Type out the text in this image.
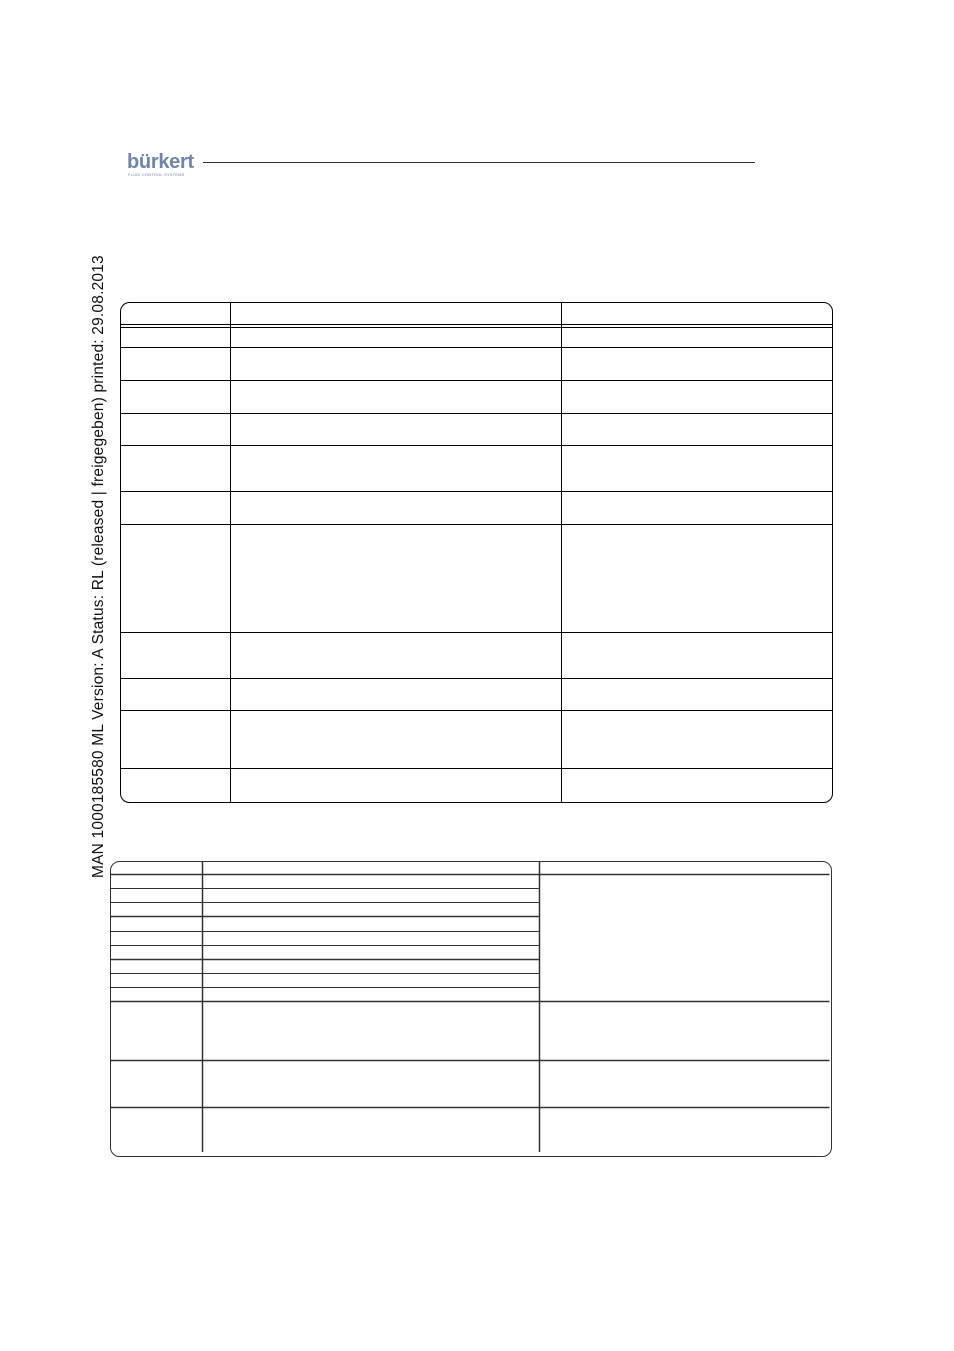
MAN 1000185580 ML Version: A Status: RL (released | freigegeben) printed: 29.08.2013
bürkert
FLUID CONTROL SYSTEMS
